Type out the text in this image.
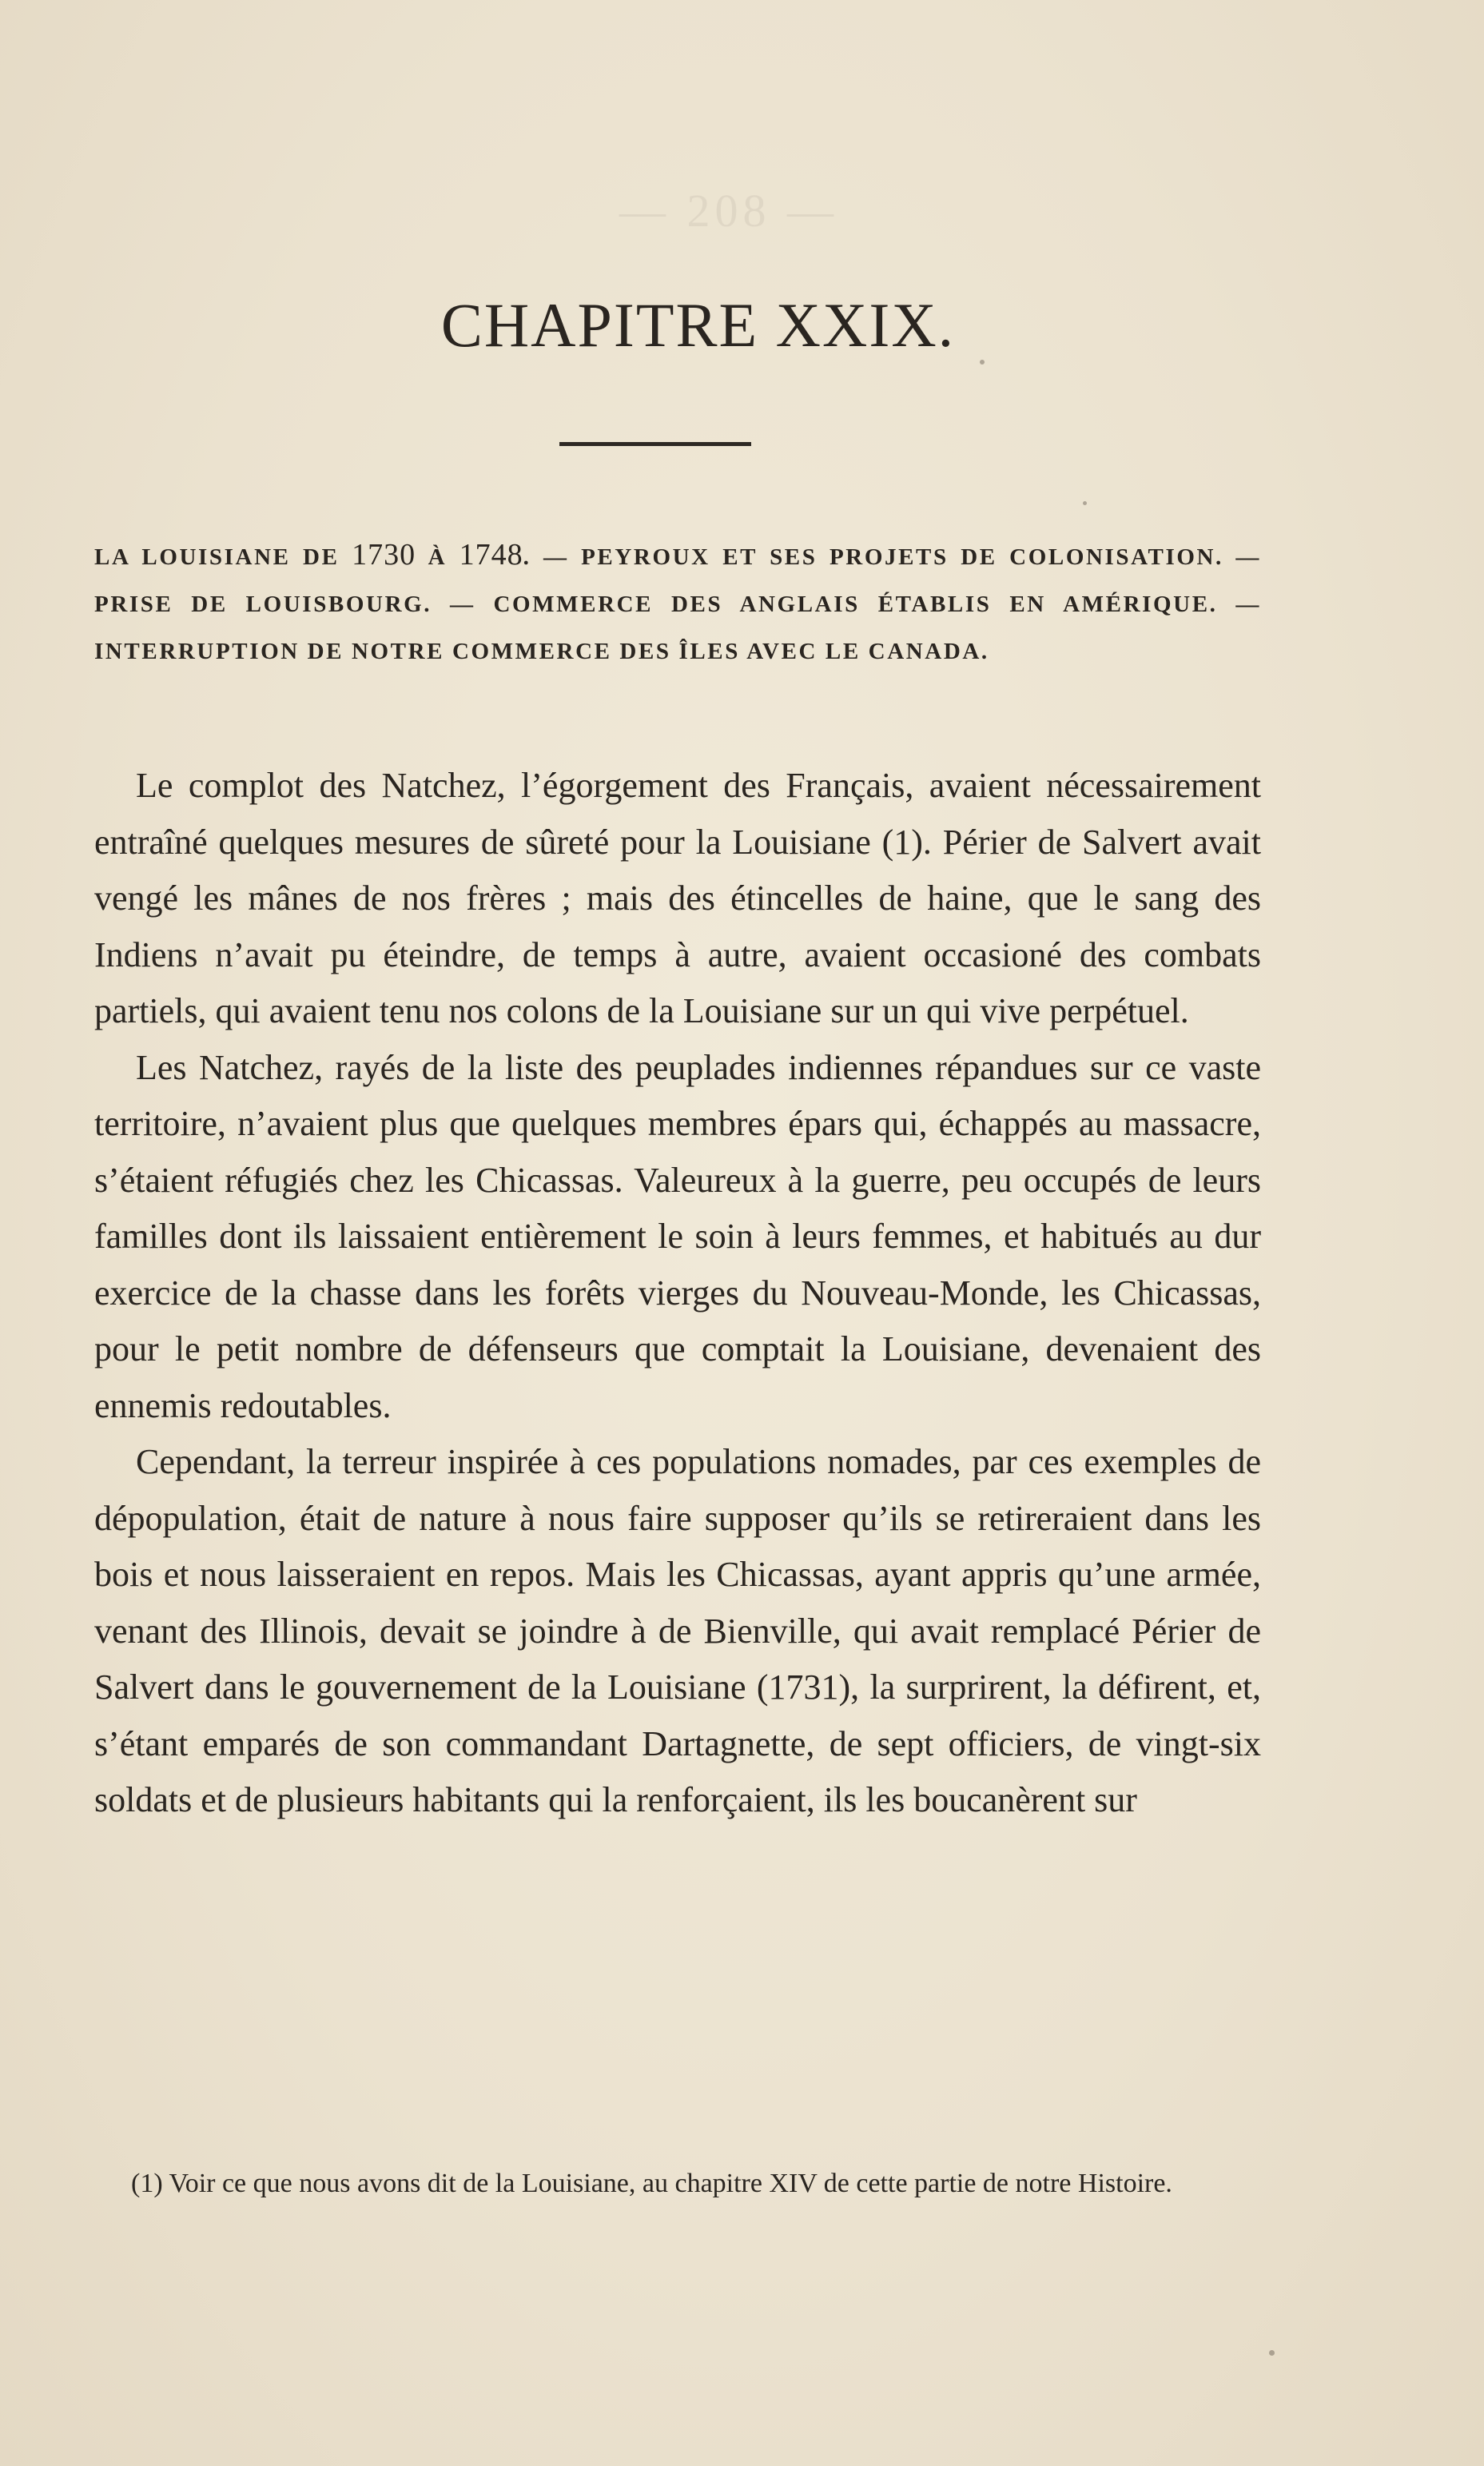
— 208 —
CHAPITRE XXIX.

LA LOUISIANE DE 1730 À 1748. — PEYROUX ET SES PROJETS DE COLONISATION. — PRISE DE LOUISBOURG. — COMMERCE DES ANGLAIS ÉTABLIS EN AMÉRIQUE. — INTERRUPTION DE NOTRE COMMERCE DES ÎLES AVEC LE CANADA.

Le complot des Natchez, l’égorgement des Français, avaient nécessairement entraîné quelques mesures de sûreté pour la Louisiane (1). Périer de Salvert avait vengé les mânes de nos frères ; mais des étincelles de haine, que le sang des Indiens n’avait pu éteindre, de temps à autre, avaient occasioné des combats partiels, qui avaient tenu nos colons de la Louisiane sur un qui vive perpétuel.

Les Natchez, rayés de la liste des peuplades indiennes répandues sur ce vaste territoire, n’avaient plus que quelques membres épars qui, échappés au massacre, s’étaient réfugiés chez les Chicassas. Valeureux à la guerre, peu occupés de leurs familles dont ils laissaient entièrement le soin à leurs femmes, et habitués au dur exercice de la chasse dans les forêts vierges du Nouveau-Monde, les Chicassas, pour le petit nombre de défenseurs que comptait la Louisiane, devenaient des ennemis redoutables.

Cependant, la terreur inspirée à ces populations nomades, par ces exemples de dépopulation, était de nature à nous faire supposer qu’ils se retireraient dans les bois et nous laisseraient en repos. Mais les Chicassas, ayant appris qu’une armée, venant des Illinois, devait se joindre à de Bienville, qui avait remplacé Périer de Salvert dans le gouvernement de la Louisiane (1731), la surprirent, la défirent, et, s’étant emparés de son commandant Dartagnette, de sept officiers, de vingt-six soldats et de plusieurs habitants qui la renforçaient, ils les boucanèrent sur

(1) Voir ce que nous avons dit de la Louisiane, au chapitre XIV de cette partie de notre Histoire.
